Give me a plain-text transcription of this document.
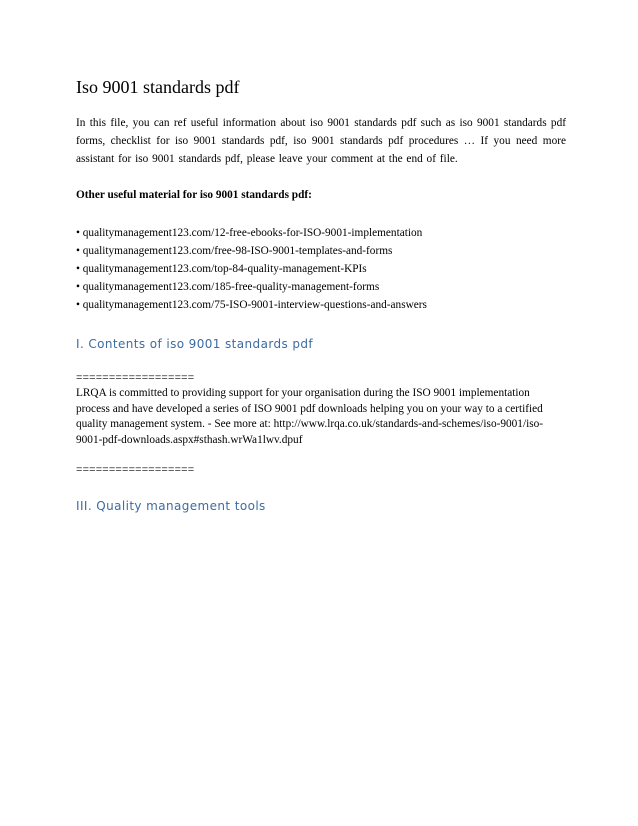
Iso 9001 standards pdf

In this file, you can ref useful information about iso 9001 standards pdf such as iso 9001 standards pdf forms, checklist for iso 9001 standards pdf, iso 9001 standards pdf procedures … If you need more assistant for iso 9001 standards pdf, please leave your comment at the end of file.

Other useful material for iso 9001 standards pdf:

• qualitymanagement123.com/12-free-ebooks-for-ISO-9001-implementation
• qualitymanagement123.com/free-98-ISO-9001-templates-and-forms
• qualitymanagement123.com/top-84-quality-management-KPIs
• qualitymanagement123.com/185-free-quality-management-forms
• qualitymanagement123.com/75-ISO-9001-interview-questions-and-answers
I. Contents of iso 9001 standards pdf

==================

LRQA is committed to providing support for your organisation during the ISO 9001 implementation process and have developed a series of ISO 9001 pdf downloads helping you on your way to a certified quality management system. - See more at: http://www.lrqa.co.uk/standards-and-schemes/iso-9001/iso-9001-pdf-downloads.aspx#sthash.wrWa1lwv.dpuf

==================

III. Quality management tools
